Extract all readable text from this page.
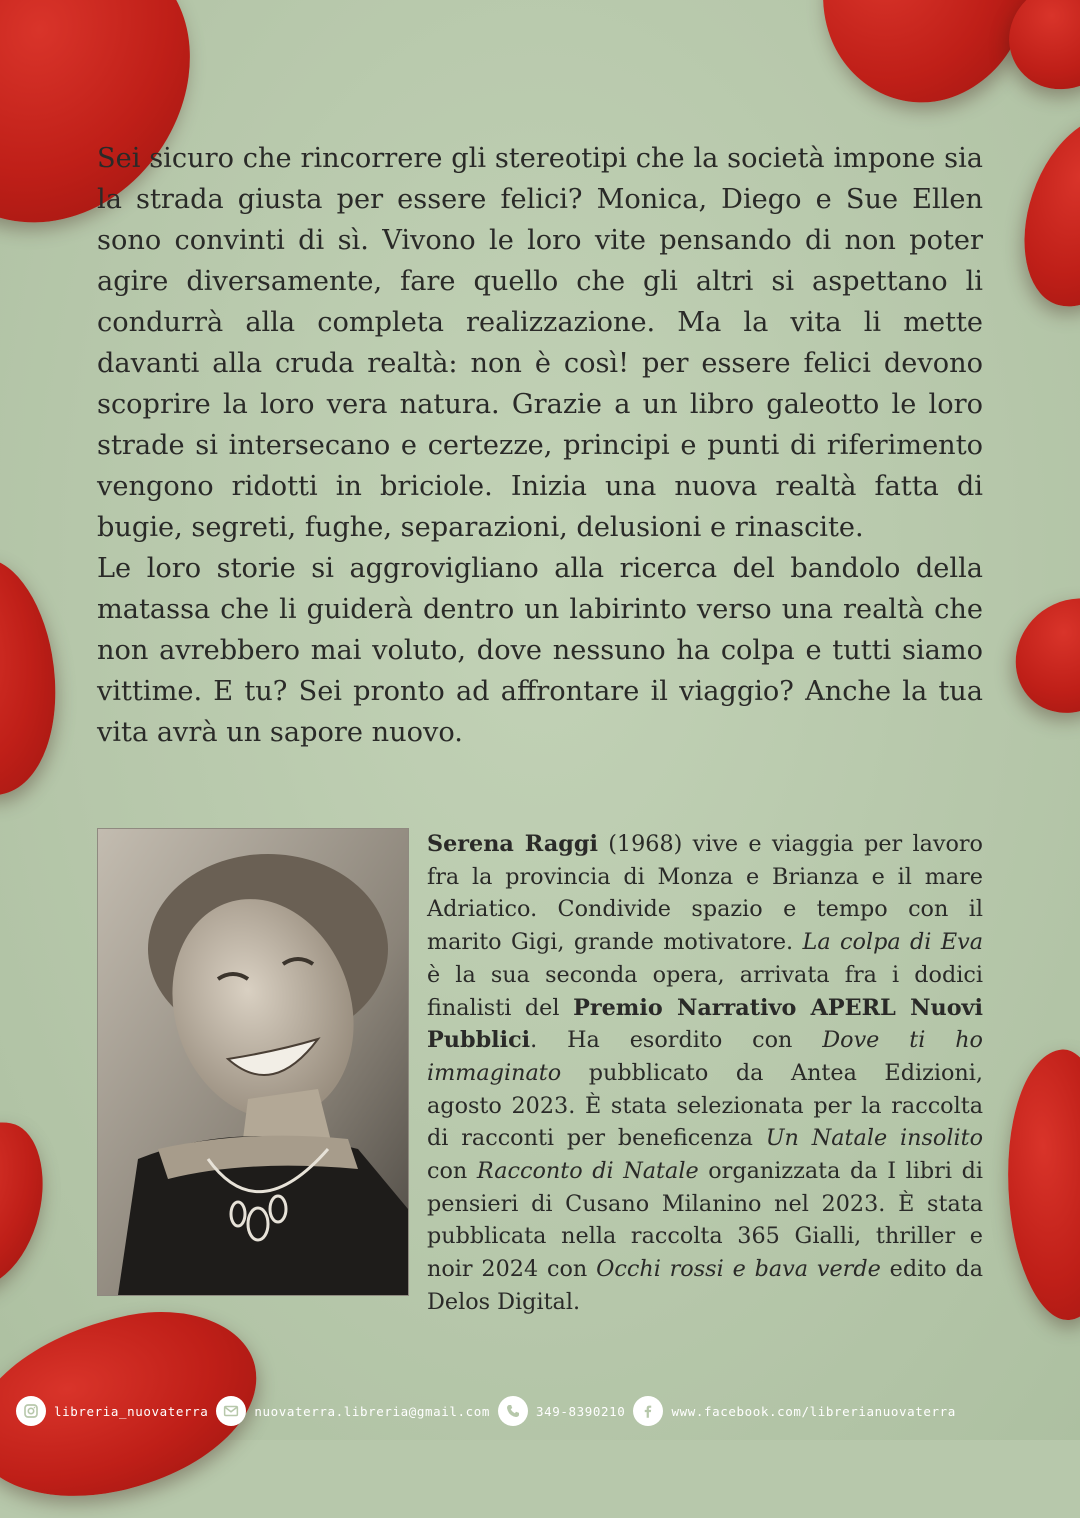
Sei sicuro che rincorrere gli stereotipi che la società impone sia la strada giusta per essere felici? Monica, Diego e Sue Ellen sono convinti di sì. Vivono le loro vite pensando di non poter agire diversamente, fare quello che gli altri si aspettano li condurrà alla completa realizzazione. Ma la vita li mette davanti alla cruda realtà: non è così! per essere felici devono scoprire la loro vera natura. Grazie a un libro galeotto le loro strade si intersecano e certezze, principi e punti di riferimento vengono ridotti in briciole. Inizia una nuova realtà fatta di bugie, segreti, fughe, separazioni, delusioni e rinascite.

Le loro storie si aggrovigliano alla ricerca del bandolo della matassa che li guiderà dentro un labirinto verso una realtà che non avrebbero mai voluto, dove nessuno ha colpa e tutti siamo vittime. E tu? Sei pronto ad affrontare il viaggio? Anche la tua vita avrà un sapore nuovo.

Serena Raggi (1968) vive e viaggia per lavoro fra la provincia di Monza e Brianza e il mare Adriatico. Condivide spazio e tempo con il marito Gigi, grande motivatore. La colpa di Eva è la sua seconda opera, arrivata fra i dodici finalisti del Premio Narrativo APERL Nuovi Pubblici. Ha esordito con Dove ti ho immaginato pubblicato da Antea Edizioni, agosto 2023. È stata selezionata per la raccolta di racconti per beneficenza Un Natale insolito con Racconto di Natale organizzata da I libri di pensieri di Cusano Milanino nel 2023. È stata pubblicata nella raccolta 365 Gialli, thriller e noir 2024 con Occhi rossi e bava verde edito da Delos Digital.

libreria_nuovaterra	nuovaterra.libreria@gmail.com	349-8390210	www.facebook.com/librerianuovaterra
